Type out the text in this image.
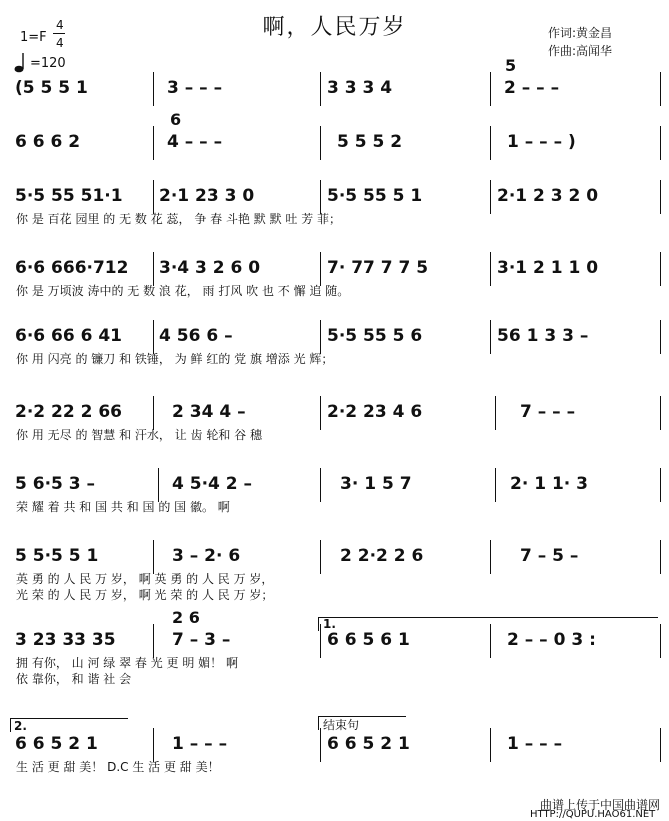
啊，人民万岁
1=F
4
4
=120
作词:黄金昌
作曲:高闻华
(5 5 5 1	3 – – –	3 3 3 4	2 – – –
5
6 6 6 2	4 – – –	5 5 5 2	1 – – – )
6
5·5 55 51·1 2·1 23 3 0	5·5 55 5 1	2·1 2 3 2 0
你 是 百花 园里 的 无 数 花 蕊， 争 春 斗艳 默 默 吐 芳 菲；
6·6 666·712 3·4 3 2 6 0	7· 77 7 7 5	3·1 2 1 1 0
你 是 万顷波 涛中的 无 数 浪 花， 雨 打风 吹 也 不 懈 追 随。
6·6 66 6 41 4 56 6 –	5·5 55 5 6	56 1 3 3 –
你 用 闪亮 的 镰刀 和 铁锤， 为 鲜 红的 党 旗 增添 光 辉；
2·2 22 2 66	2 34 4 –	2·2 23 4 6	7 – – –
你 用 无尽 的 智慧 和 汗水， 让 齿 轮和 谷 穗
5 6·5 3 –	4 5·4 2 –	3· 1 5 7	2· 1 1· 3
荣 耀 着 共 和 国 共 和 国 的 国 徽。 啊
5 5·5 5 1	3 – 2· 6	2 2·2 2 6	7 – 5 –
英 勇 的 人 民 万 岁， 啊 英 勇 的 人 民 万 岁，
光 荣 的 人 民 万 岁， 啊 光 荣 的 人 民 万 岁；
3 23 33 35	7 – 3 –	6 6 5 6 1	2 – – 0 3 :
2 6
拥 有你， 山 河 绿 翠 春 光 更 明 媚！ 啊
依 靠你， 和 谐 社 会
6 6 5 2 1	1 – – –	6 6 5 2 1	1 – – –
生 活 更 甜 美！ D.C 生 活 更 甜 美！
1.
2.	结束句
曲谱上传于中国曲谱网
HTTP://QUPU.HAO61.NET
